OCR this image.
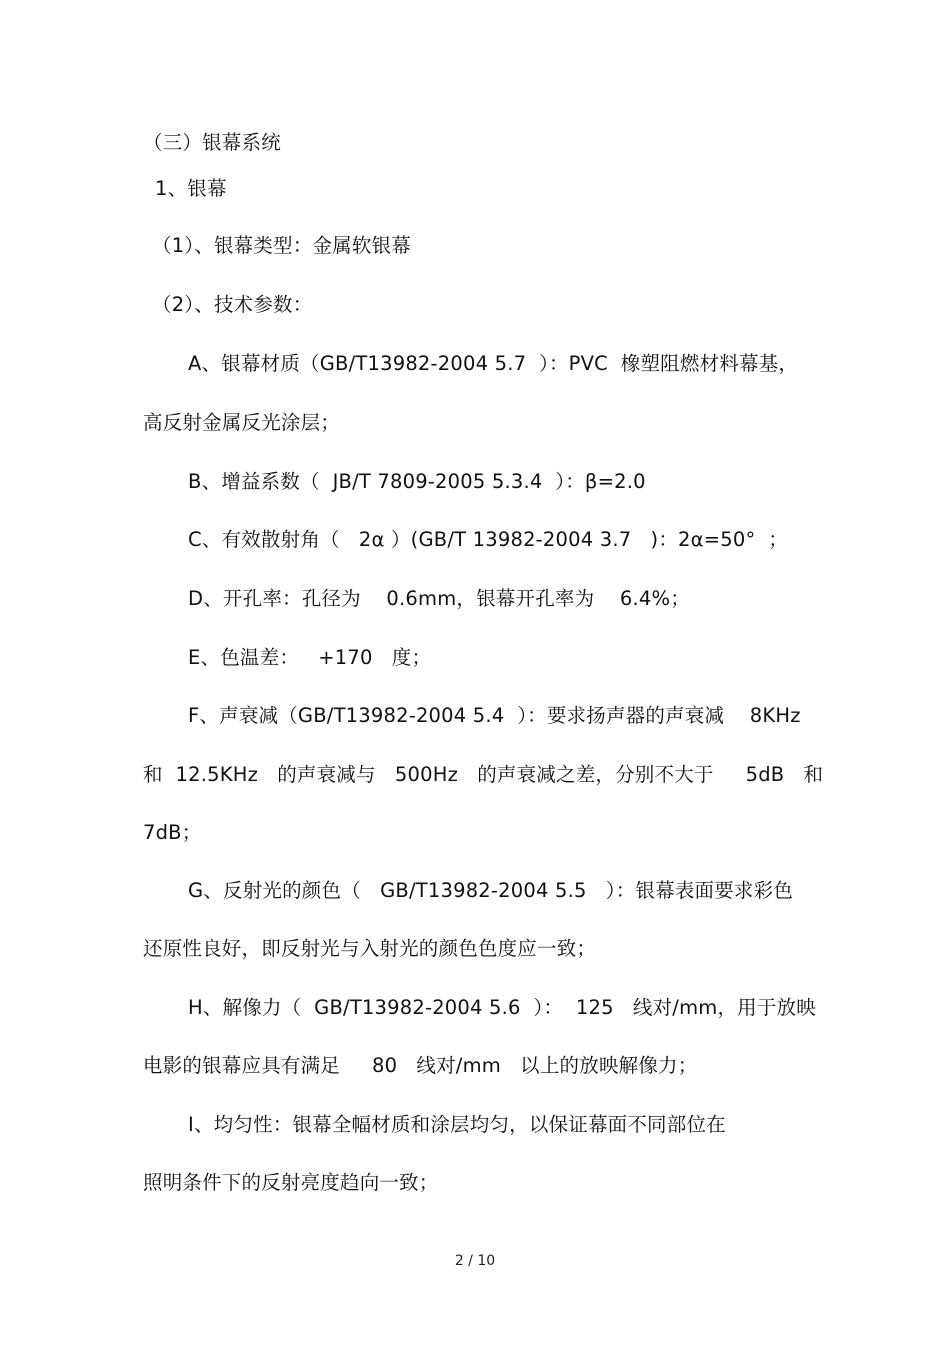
（三）银幕系统
1、银幕
（1）、银幕类型：金属软银幕
（2）、技术参数：
A、银幕材质（GB/T13982-2004 5.7  ）：PVC  橡塑阻燃材料幕基，
高反射金属反光涂层；
B、增益系数（  JB/T 7809-2005 5.3.4  ）：β=2.0
C、有效散射角（   2α ）(GB/T 13982-2004 3.7   )：2α=50°  ；
D、开孔率：孔径为    0.6mm，银幕开孔率为    6.4%；
E、色温差：   +170   度；
F、声衰减（GB/T13982-2004 5.4  ）：要求扬声器的声衰减    8KHz
和  12.5KHz   的声衰减与   500Hz   的声衰减之差，分别不大于     5dB   和
7dB；
G、反射光的颜色（   GB/T13982-2004 5.5   ）：银幕表面要求彩色
还原性良好，即反射光与入射光的颜色色度应一致；
H、解像力（  GB/T13982-2004 5.6  ）：  125   线对/mm，用于放映
电影的银幕应具有满足     80   线对/mm   以上的放映解像力；
I、均匀性：银幕全幅材质和涂层均匀，以保证幕面不同部位在
照明条件下的反射亮度趋向一致；
2 / 10
